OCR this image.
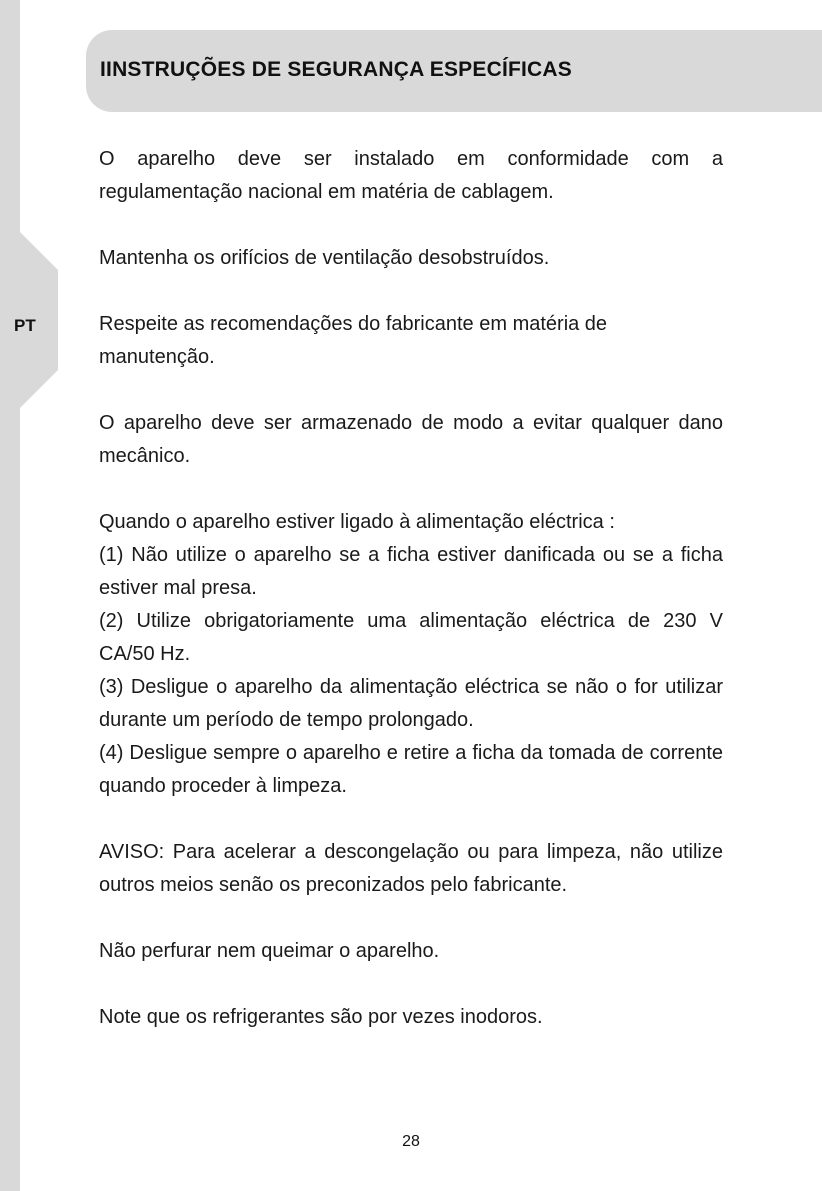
PT
IINSTRUÇÕES DE SEGURANÇA ESPECÍFICAS

O aparelho deve ser instalado em conformidade com a regulamentação nacional em matéria de cablagem.

Mantenha os orifícios de ventilação desobstruídos.

Respeite as recomendações do fabricante em matéria de manutenção.

O aparelho deve ser armazenado de modo a evitar qualquer dano mecânico.

Quando o aparelho estiver ligado à alimentação eléctrica :

(1) Não utilize o aparelho se a ficha estiver danificada ou se a ficha estiver mal presa.

(2) Utilize obrigatoriamente uma alimentação eléctrica de 230 V CA/50 Hz.

(3) Desligue o aparelho da alimentação eléctrica se não o for utilizar durante um período de tempo prolongado.

(4) Desligue sempre o aparelho e retire a ficha da tomada de corrente quando proceder à limpeza.

AVISO: Para acelerar a descongelação ou para limpeza, não utilize outros meios senão os preconizados pelo fabricante.

Não perfurar nem queimar o aparelho.

Note que os refrigerantes são por vezes inodoros.

28
